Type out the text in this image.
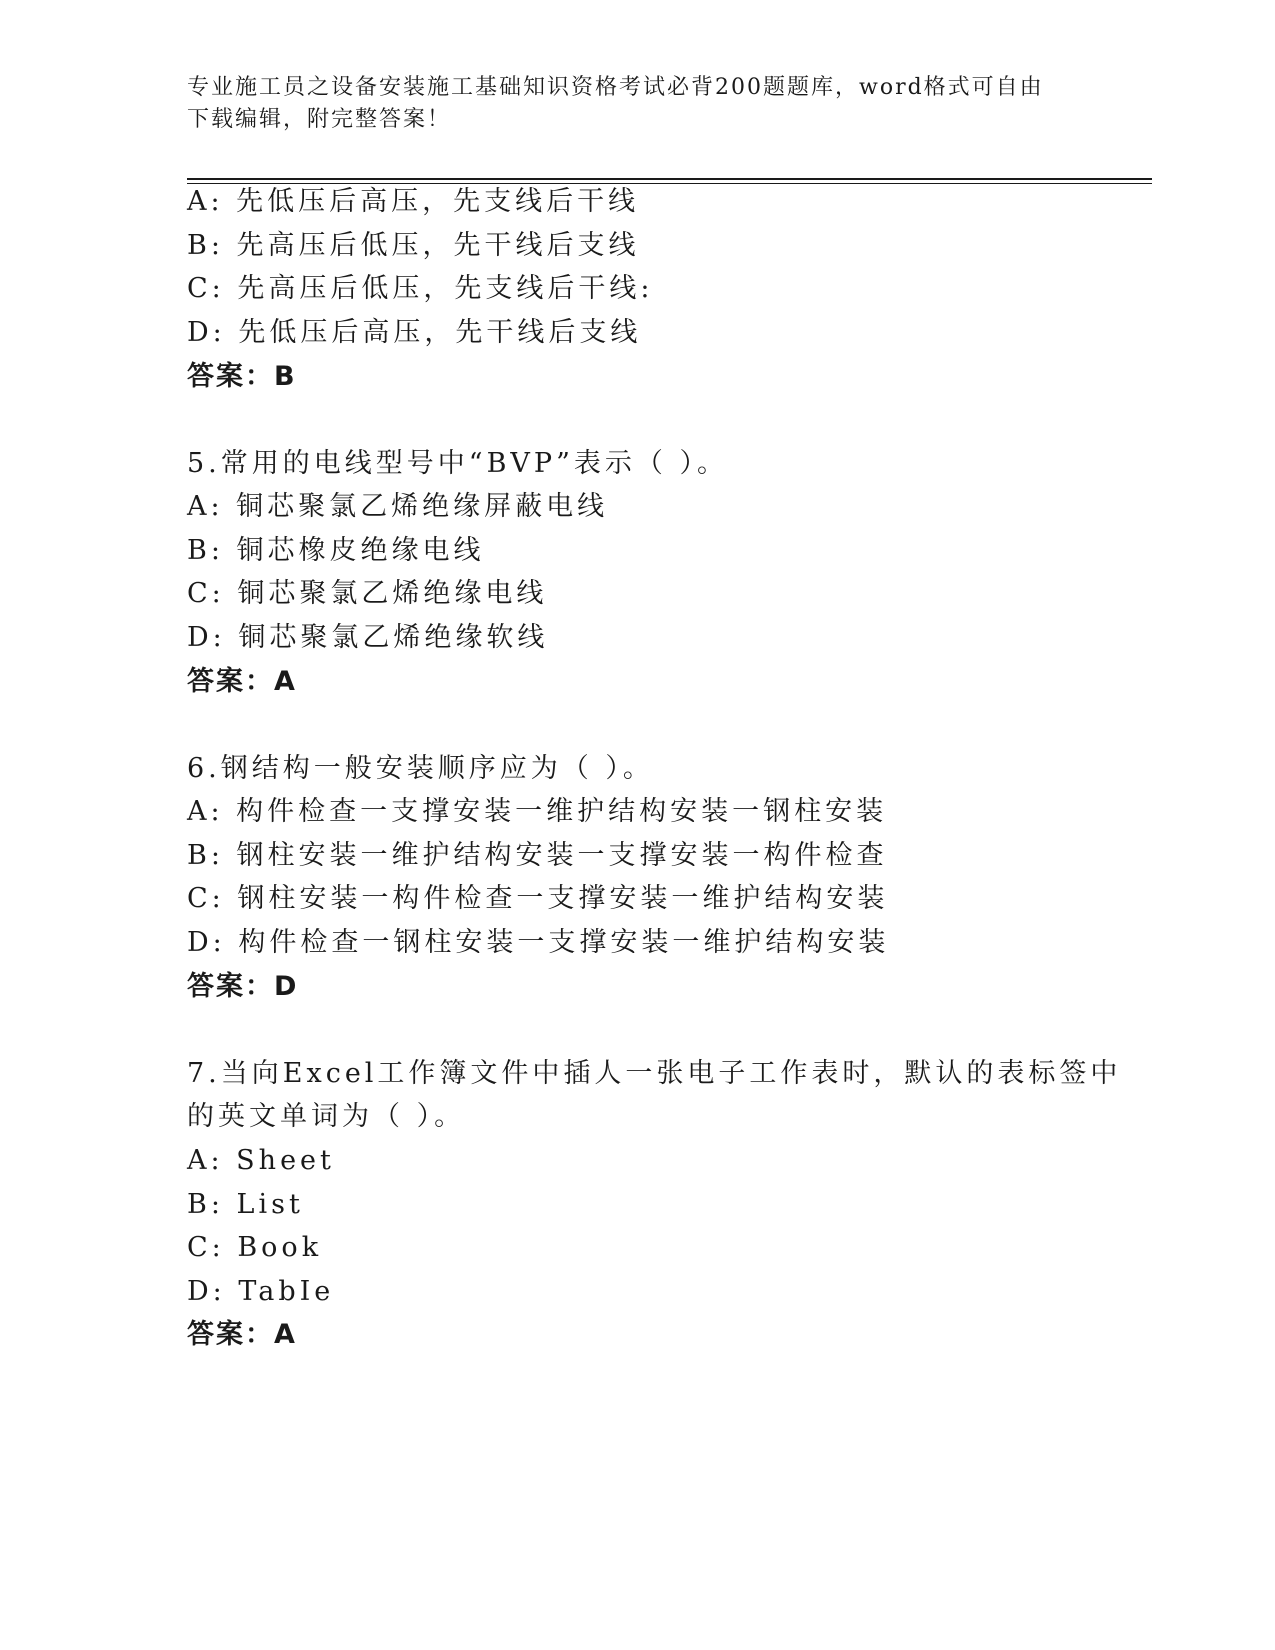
专业施工员之设备安装施工基础知识资格考试必背200题题库，word格式可自由
下载编辑，附完整答案！
A: 先低压后高压，先支线后干线
B: 先高压后低压，先干线后支线
C: 先高压后低压，先支线后干线:
D: 先低压后高压，先干线后支线
答案：B
5.常用的电线型号中“BVP”表示（ ）。
A: 铜芯聚氯乙烯绝缘屏蔽电线
B: 铜芯橡皮绝缘电线
C: 铜芯聚氯乙烯绝缘电线
D: 铜芯聚氯乙烯绝缘软线
答案：A
6.钢结构一般安装顺序应为（ ）。
A: 构件检查一支撑安装一维护结构安装一钢柱安装
B: 钢柱安装一维护结构安装一支撑安装一构件检查
C: 钢柱安装一构件检查一支撑安装一维护结构安装
D: 构件检查一钢柱安装一支撑安装一维护结构安装
答案：D
7.当向Excel工作簿文件中插人一张电子工作表时，默认的表标签中
的英文单词为（ ）。
A: Sheet
B: List
C: Book
D: TabIe
答案：A
